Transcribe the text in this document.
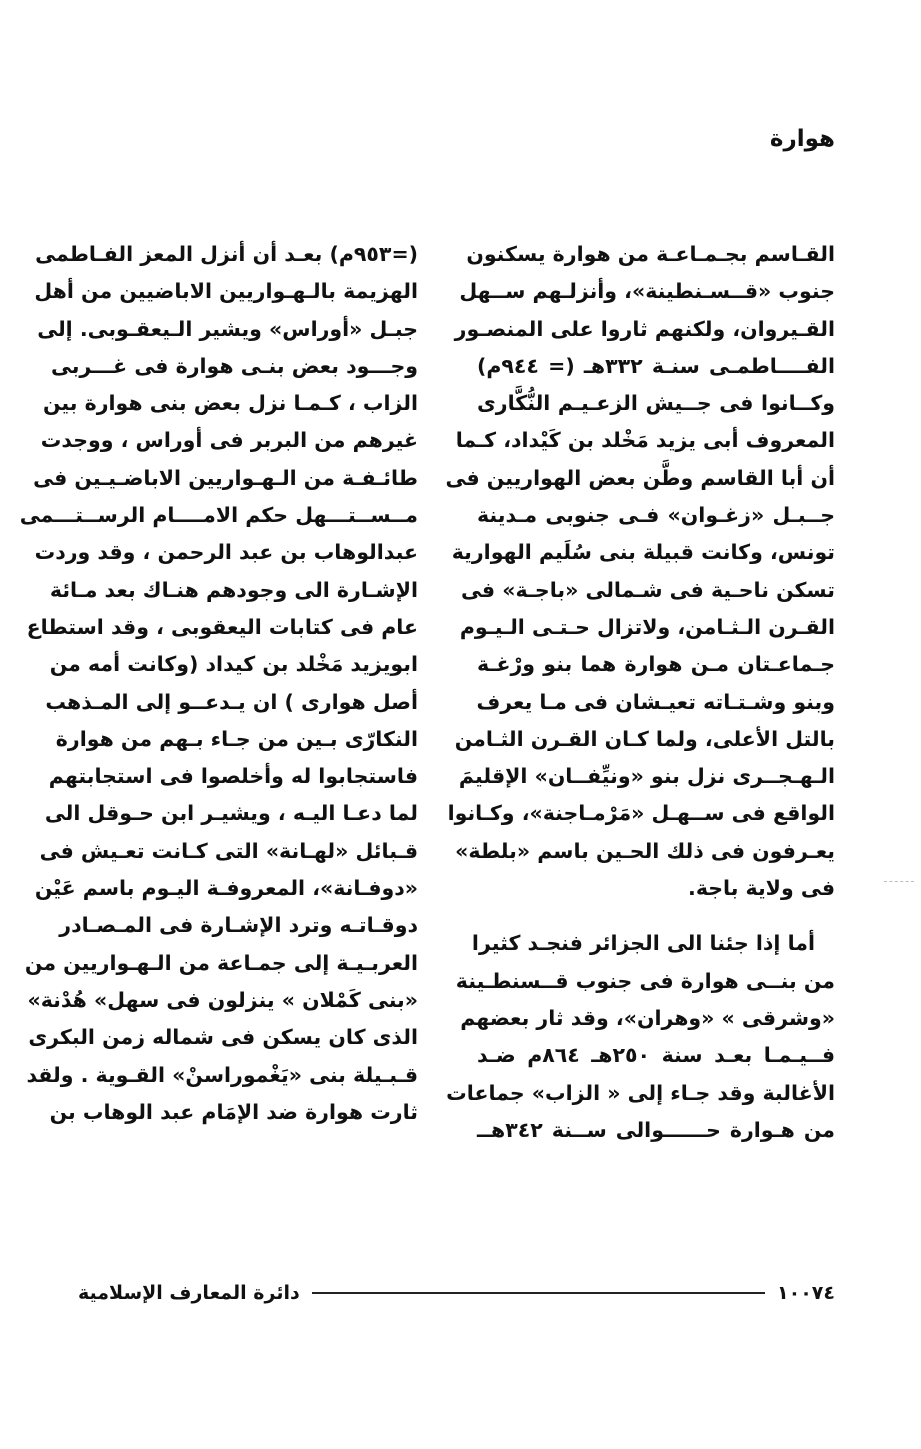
هوارة

القـاسم بجـمـاعـة من هوارة يسكنون
جنوب «قــسـنطينة»، وأنزلـهم ســهل
القـيروان، ولكنهم ثاروا على المنصـور
الفــــاطمـى سنـة ٣٣٢هـ (= ٩٤٤م)
وكــانوا فى جــيش الزعـيـم النُّكَّارى
المعروف أبى يزيد مَخْلد بن كَيْداد، كـما
أن أبا القاسم وطَّن بعض الهواريين فى
جــبـل «زغـوان» فـى جنوبى مـدينة
تونس، وكانت قبيلة بنى سُلَيم الهوارية
تسكن ناحـية فى شـمالى «باجـة» فى
القـرن الـثـامن، ولاتزال حـتـى الـيـوم
جـماعـتان مـن هوارة هما بنو ورْغـة
وبنو وشـتـاته تعيـشان فى مـا يعرف
بالتل الأعلى، ولما كـان القـرن الثـامن
الـهـجــرى نزل بنو «ونيِّفــان» الإقليمَ
الواقع فى ســهـل «مَرْمـاجنة»، وكـانوا
يعـرفون فى ذلك الحـين باسم «بلطة»
فى ولاية باجة.

أما إذا جئنا الى الجزائر فنجـد كثيرا
من بنــى هوارة فى جنوب قــسنطـينة
«وشرقى » «وهران»، وقد ثار بعضهم
فــيـمـا بعـد سنة ٢٥٠هـ ٨٦٤م ضـد
الأغالبة وقد جـاء إلى « الزاب» جماعات
من هـوارة حــــــوالى ســنة ٣٤٢هــ

(=٩٥٣م) بعـد أن أنزل المعز الفـاطمى
الهزيمة بالـهـواريين الاباضيين من أهل
جبـل «أوراس» ويشير الـيعقـوبى. إلى
وجـــود بعض بنـى هوارة فى غـــربى
الزاب ، كـمـا نزل بعض بنى هوارة بين
غيرهم من البربر فى أوراس ، ووجدت
طائـفـة من الـهـواريين الاباضـيـين فى
مــســتـــهل حكم الامــــام الرســتـــمى
عبدالوهاب بن عبد الرحمن ، وقد وردت
الإشـارة الى وجودهم هنـاك بعد مـائة
عام فى كتابات اليعقوبى ، وقد استطاع
ابويزيد مَخْلد بن كيداد (وكانت أمه من
أصل هوارى ) ان يـدعــو إلى المـذهب
النكارّى بـين من جـاء بـهم من هوارة
فاستجابوا له وأخلصوا فى استجابتهم
لما دعـا اليـه ، ويشيـر ابن حـوقل الى
قـبائل «لهـانة» التى كـانت تعـيش فى
«دوفـانة»، المعروفـة اليـوم باسم عَيْن
دوقـاتـه وترد الإشـارة فى المـصـادر
العربـيـة إلى جمـاعة من الـهـواريين من
«بنى كَمْلان » ينزلون فى سهل» هُدْنة»
الذى كان يسكن فى شماله زمن البكرى
قـبـيلة بنى «يَغْموراسنْ» القـوية . ولقد
ثارت هوارة ضد الإمَام عبد الوهاب بن

١٠٠٧٤
دائرة المعارف الإسلامية
